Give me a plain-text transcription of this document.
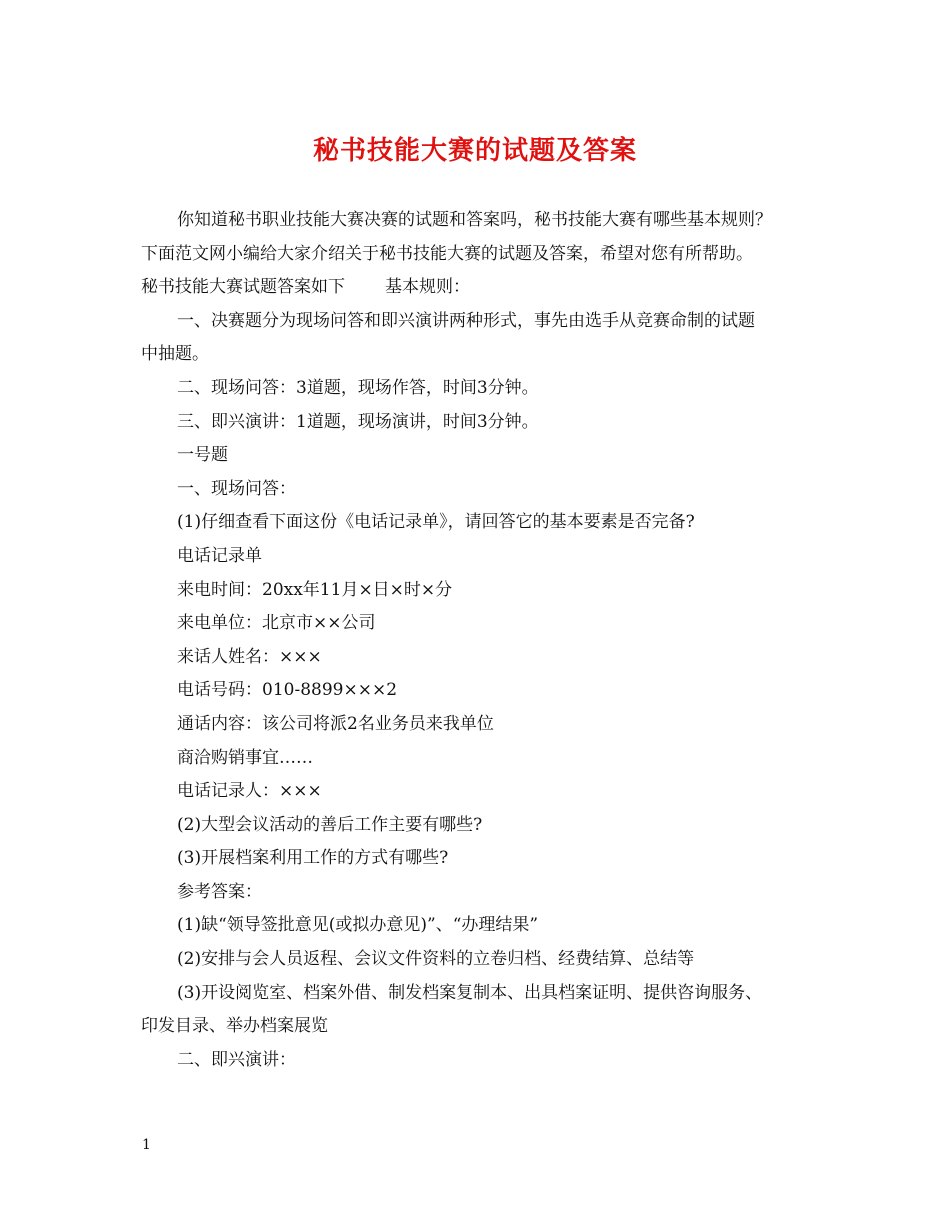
秘书技能大赛的试题及答案

你知道秘书职业技能大赛决赛的试题和答案吗，秘书技能大赛有哪些基本规则？

下面范文网小编给大家介绍关于秘书技能大赛的试题及答案，希望对您有所帮助。

秘书技能大赛试题答案如下 基本规则：

一、决赛题分为现场问答和即兴演讲两种形式，事先由选手从竞赛命制的试题

中抽题。

二、现场问答：3道题，现场作答，时间3分钟。

三、即兴演讲：1道题，现场演讲，时间3分钟。

一号题

一、现场问答：

(1)仔细查看下面这份《电话记录单》，请回答它的基本要素是否完备?

电话记录单

来电时间：20xx年11月×日×时×分

来电单位：北京市××公司

来话人姓名：×××

电话号码：010-8899×××2

通话内容：该公司将派2名业务员来我单位

商洽购销事宜……

电话记录人：×××

(2)大型会议活动的善后工作主要有哪些?

(3)开展档案利用工作的方式有哪些?

参考答案：

(1)缺“领导签批意见(或拟办意见)”、“办理结果”

(2)安排与会人员返程、会议文件资料的立卷归档、经费结算、总结等

(3)开设阅览室、档案外借、制发档案复制本、出具档案证明、提供咨询服务、

印发目录、举办档案展览

二、即兴演讲：

1
